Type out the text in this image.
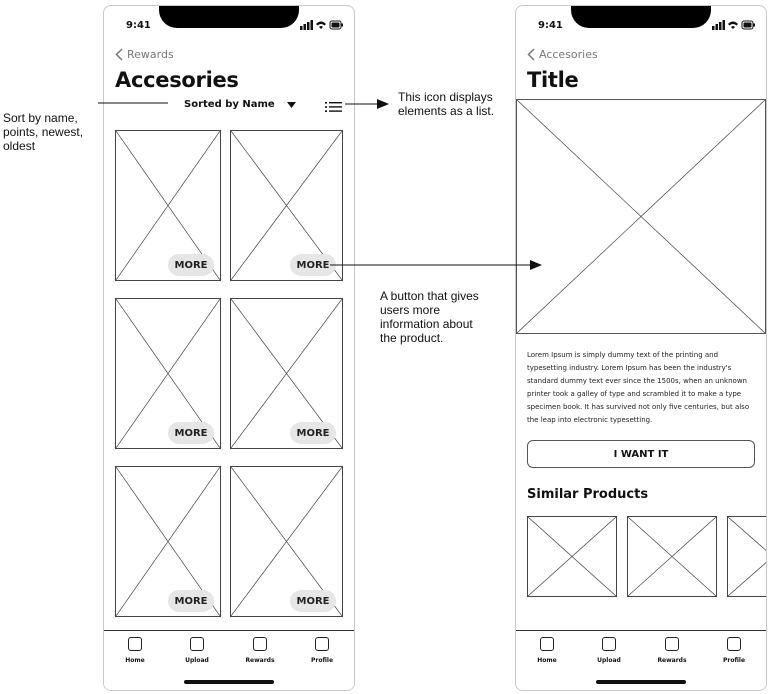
9:41
Rewards
Accesories
Sorted by Name
MORE	MORE
MORE	MORE
MORE	MORE
Home	Upload	Rewards	Profile
9:41
Accesories
Title
Lorem Ipsum is simply dummy text of the printing and typesetting industry. Lorem Ipsum has been the industry's standard dummy text ever since the 1500s, when an unknown printer took a galley of type and scrambled it to make a type specimen book. It has survived not only five centuries, but also the leap into electronic typesetting.
I WANT IT
Similar Products
Home	Upload	Rewards	Profile
Sort by name, points, newest, oldest
This icon displays elements as a list.
A button that gives users more information about the product.
